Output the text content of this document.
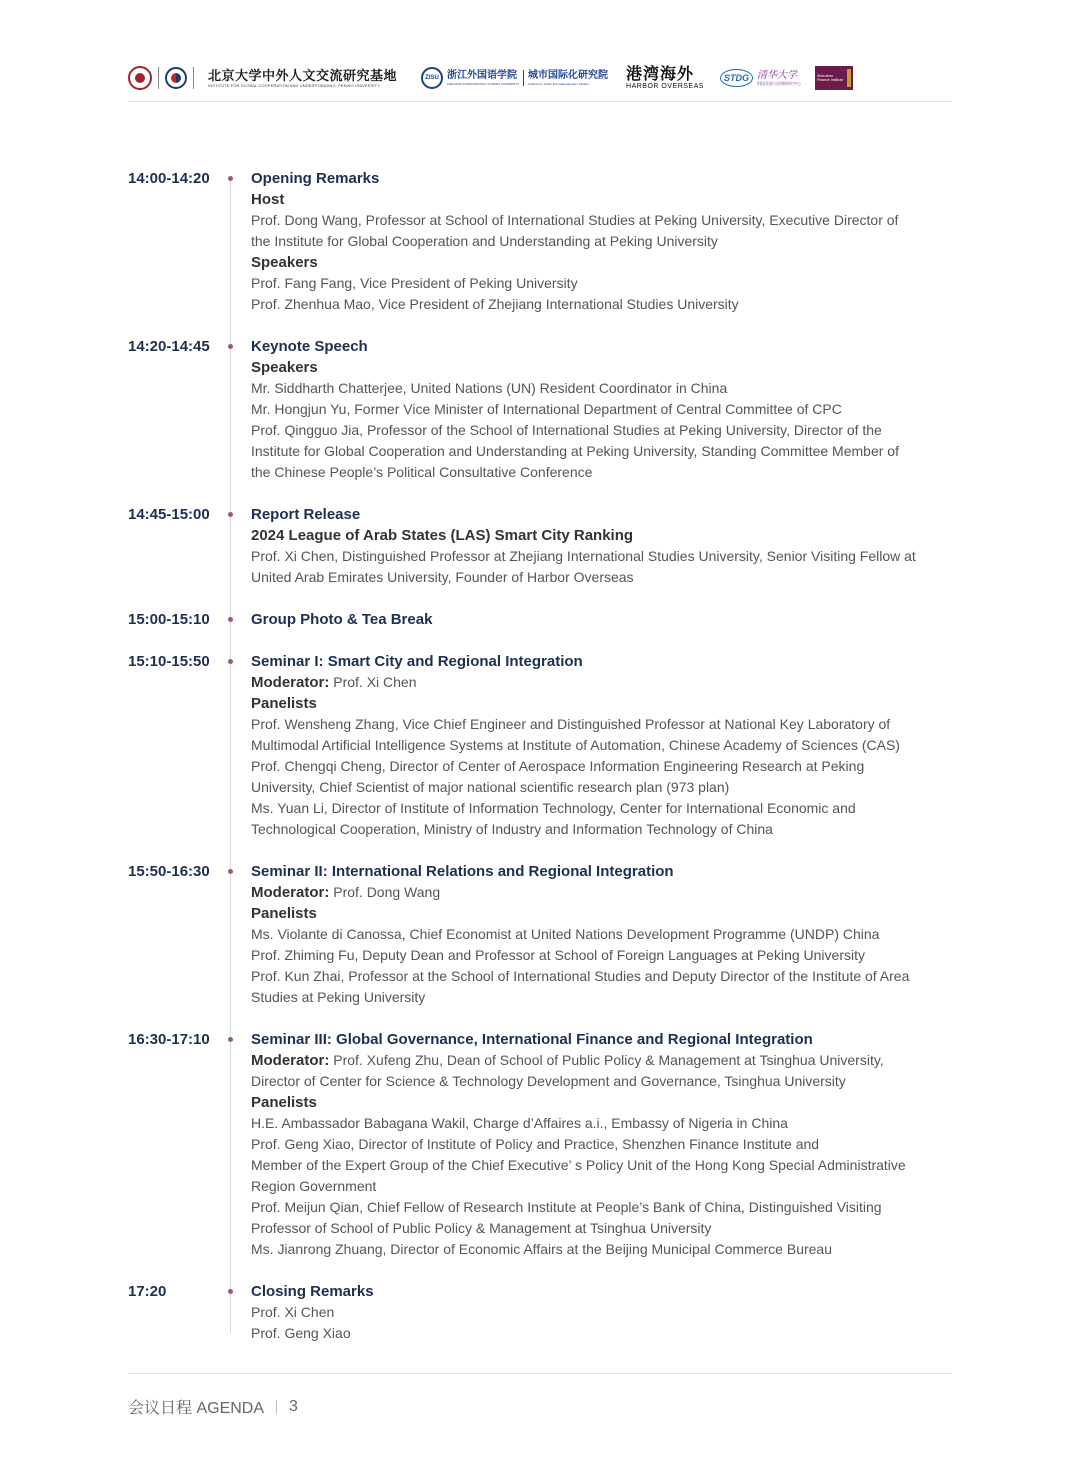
北京大学中外人文交流研究基地
INSTITUTE FOR GLOBAL COOPERATION AND UNDERSTANDING, PEKING UNIVERSITY
ZISU 浙江外国语学院
ZHEJIANG INTERNATIONAL STUDIES UNIVERSITY
城市国际化研究院
Institute for Urban Internationalization Studies
港湾海外
HARBOR OVERSEAS
STDG 清华大学
科技发展与治理研究中心
Shenzhen Finance Institute
14:00-14:20	Opening Remarks
Host
Prof. Dong Wang, Professor at School of International Studies at Peking University, Executive Director of
the Institute for Global Cooperation and Understanding at Peking University
Speakers
Prof. Fang Fang, Vice President of Peking University
Prof. Zhenhua Mao, Vice President of Zhejiang International Studies University
14:20-14:45	Keynote Speech
Speakers
Mr. Siddharth Chatterjee, United Nations (UN) Resident Coordinator in China
Mr. Hongjun Yu, Former Vice Minister of International Department of Central Committee of CPC
Prof. Qingguo Jia, Professor of the School of International Studies at Peking University, Director of the
Institute for Global Cooperation and Understanding at Peking University, Standing Committee Member of
the Chinese People’s Political Consultative Conference
14:45-15:00	Report Release
2024 League of Arab States (LAS) Smart City Ranking
Prof. Xi Chen, Distinguished Professor at Zhejiang International Studies University, Senior Visiting Fellow at
United Arab Emirates University, Founder of Harbor Overseas
15:00-15:10	Group Photo & Tea Break
15:10-15:50	Seminar I: Smart City and Regional Integration
Moderator: Prof. Xi Chen
Panelists
Prof. Wensheng Zhang, Vice Chief Engineer and Distinguished Professor at National Key Laboratory of
Multimodal Artificial Intelligence Systems at Institute of Automation, Chinese Academy of Sciences (CAS)
Prof. Chengqi Cheng, Director of Center of Aerospace Information Engineering Research at Peking
University, Chief Scientist of major national scientific research plan (973 plan)
Ms. Yuan Li, Director of Institute of Information Technology, Center for International Economic and
Technological Cooperation, Ministry of Industry and Information Technology of China
15:50-16:30	Seminar II: International Relations and Regional Integration
Moderator: Prof. Dong Wang
Panelists
Ms. Violante di Canossa, Chief Economist at United Nations Development Programme (UNDP) China
Prof. Zhiming Fu, Deputy Dean and Professor at School of Foreign Languages at Peking University
Prof. Kun Zhai, Professor at the School of International Studies and Deputy Director of the Institute of Area
Studies at Peking University
16:30-17:10	Seminar III: Global Governance, International Finance and Regional Integration
Moderator: Prof. Xufeng Zhu, Dean of School of Public Policy & Management at Tsinghua University,
Director of Center for Science & Technology Development and Governance, Tsinghua University
Panelists
H.E. Ambassador Babagana Wakil, Charge d’Affaires a.i., Embassy of Nigeria in China
Prof. Geng Xiao, Director of Institute of Policy and Practice, Shenzhen Finance Institute and
Member of the Expert Group of the Chief Executive’ s Policy Unit of the Hong Kong Special Administrative
Region Government
Prof. Meijun Qian, Chief Fellow of Research Institute at People’s Bank of China, Distinguished Visiting
Professor of School of Public Policy & Management at Tsinghua University
Ms. Jianrong Zhuang, Director of Economic Affairs at the Beijing Municipal Commerce Bureau
17:20	Closing Remarks
Prof. Xi Chen
Prof. Geng Xiao
会议日程 AGENDA 3
